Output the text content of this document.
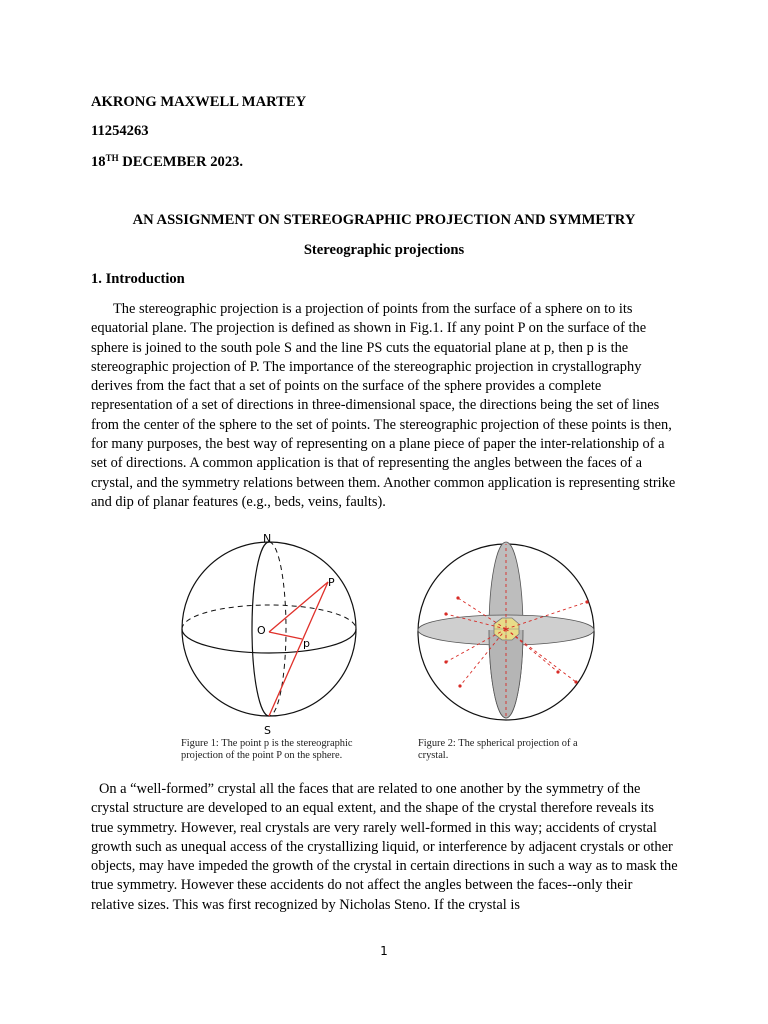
AKRONG MAXWELL MARTEY
11254263
18TH DECEMBER 2023.
AN ASSIGNMENT ON STEREOGRAPHIC PROJECTION AND SYMMETRY
Stereographic projections
1. Introduction

The stereographic projection is a projection of points from the surface of a sphere on to its equatorial plane. The projection is defined as shown in Fig.1. If any point P on the surface of the sphere is joined to the south pole S and the line PS cuts the equatorial plane at p, then p is the stereographic projection of P. The importance of the stereographic projection in crystallography derives from the fact that a set of points on the surface of the sphere provides a complete representation of a set of directions in three-dimensional space, the directions being the set of lines from the center of the sphere to the set of points. The stereographic projection of these points is then, for many purposes, the best way of representing on a plane piece of paper the inter-relationship of a set of directions. A common application is that of representing the angles between the faces of a crystal, and the symmetry relations between them. Another common application is representing strike and dip of planar features (e.g., beds, veins, faults).

N
S
O
P
p
Figure 1: The point p is the stereographic
projection of the point P on the sphere.
Figure 2: The spherical projection of a
crystal.

On a “well-formed” crystal all the faces that are related to one another by the symmetry of the crystal structure are developed to an equal extent, and the shape of the crystal therefore reveals its true symmetry. However, real crystals are very rarely well-formed in this way; accidents of crystal growth such as unequal access of the crystallizing liquid, or interference by adjacent crystals or other objects, may have impeded the growth of the crystal in certain directions in such a way as to mask the true symmetry. However these accidents do not affect the angles between the faces--only their relative sizes. This was first recognized by Nicholas Steno. If the crystal is

1
